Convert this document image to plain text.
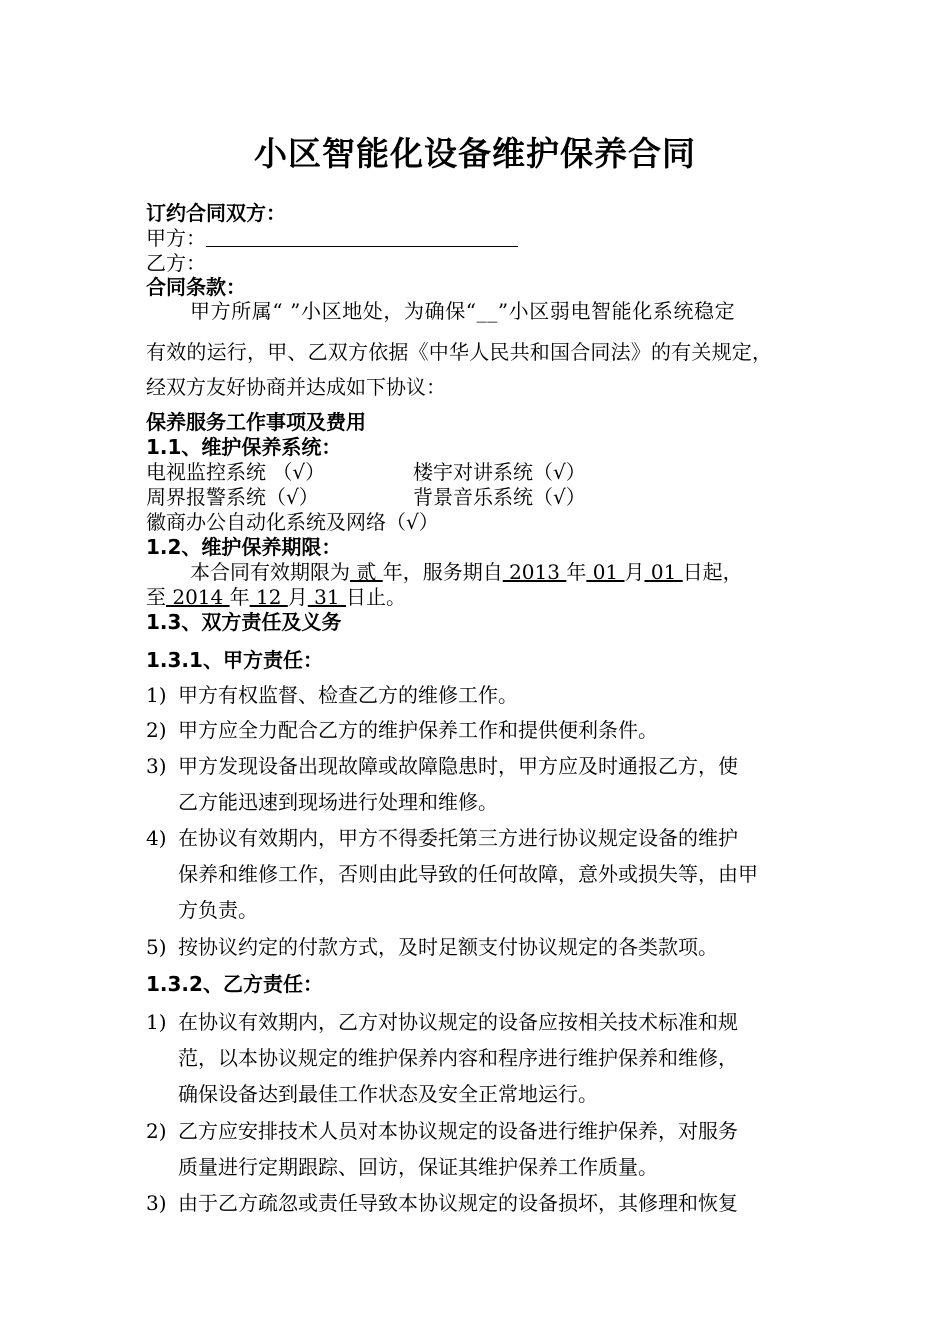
小区智能化设备维护保养合同
订约合同双方：
甲方：
乙方：
合同条款：
甲方所属“ ”小区地处，为确保“__”小区弱电智能化系统稳定
有效的运行，甲、乙双方依据《中华人民共和国合同法》的有关规定，
经双方友好协商并达成如下协议：
保养服务工作事项及费用
1.1、维护保养系统：
电视监控系统 （√）	楼宇对讲系统（√）
周界报警系统（√）	背景音乐系统（√）
徽商办公自动化系统及网络（√）
1.2、维护保养期限：
本合同有效期限为 贰 年，服务期自 2013 年 01 月 01 日起，
至 2014 年 12 月 31 日止。
1.3、双方责任及义务
1.3.1、甲方责任：
1) 甲方有权监督、检查乙方的维修工作。
2) 甲方应全力配合乙方的维护保养工作和提供便利条件。
3) 甲方发现设备出现故障或故障隐患时，甲方应及时通报乙方，使
乙方能迅速到现场进行处理和维修。
4) 在协议有效期内，甲方不得委托第三方进行协议规定设备的维护
保养和维修工作，否则由此导致的任何故障，意外或损失等，由甲
方负责。
5) 按协议约定的付款方式，及时足额支付协议规定的各类款项。
1.3.2、乙方责任：
1) 在协议有效期内，乙方对协议规定的设备应按相关技术标准和规
范，以本协议规定的维护保养内容和程序进行维护保养和维修，
确保设备达到最佳工作状态及安全正常地运行。
2) 乙方应安排技术人员对本协议规定的设备进行维护保养，对服务
质量进行定期跟踪、回访，保证其维护保养工作质量。
3) 由于乙方疏忽或责任导致本协议规定的设备损坏，其修理和恢复
